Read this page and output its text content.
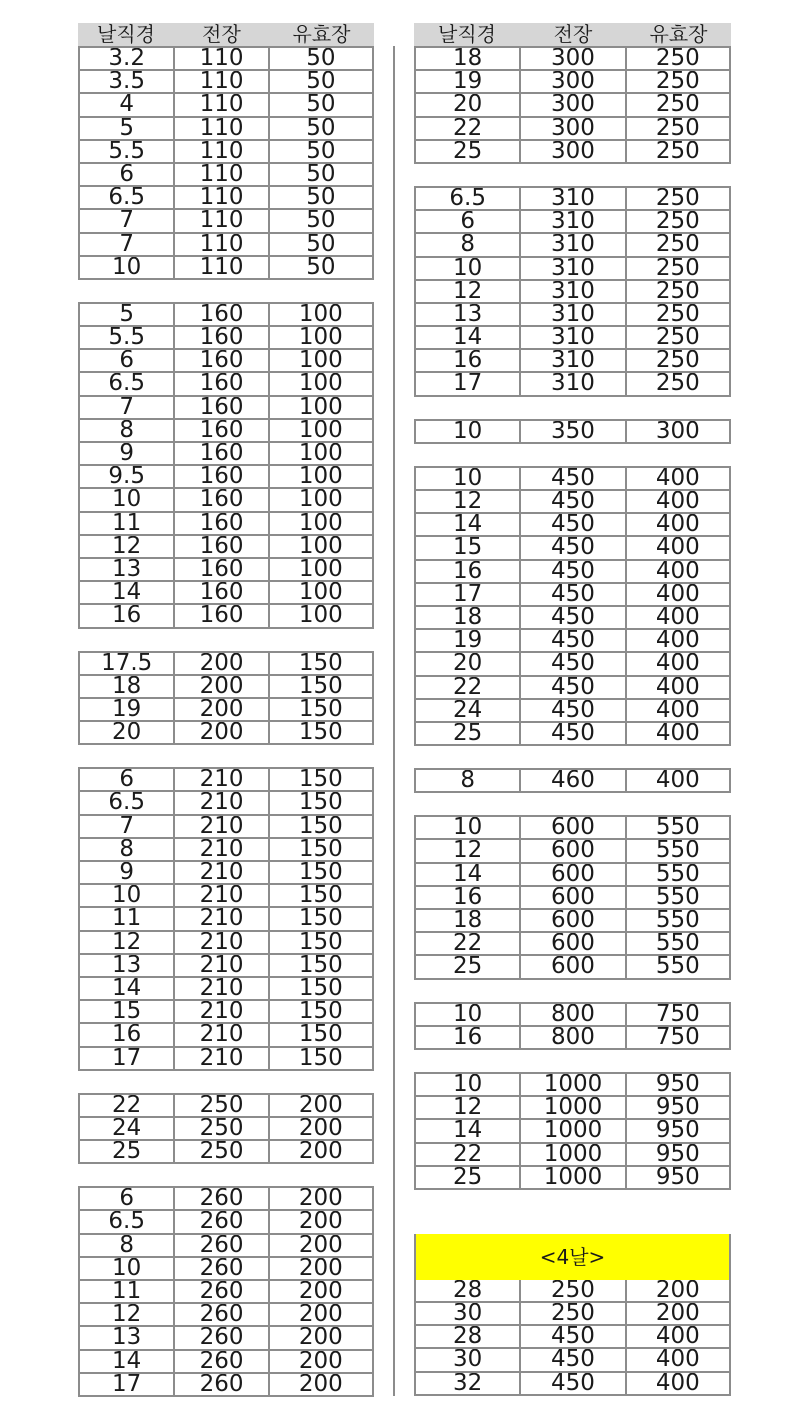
날직경	전장	유효장
3.2	110	50
3.5	110	50
4	110	50
5	110	50
5.5	110	50
6	110	50
6.5	110	50
7	110	50
7	110	50
10	110	50
5	160	100
5.5	160	100
6	160	100
6.5	160	100
7	160	100
8	160	100
9	160	100
9.5	160	100
10	160	100
11	160	100
12	160	100
13	160	100
14	160	100
16	160	100
17.5	200	150
18	200	150
19	200	150
20	200	150
6	210	150
6.5	210	150
7	210	150
8	210	150
9	210	150
10	210	150
11	210	150
12	210	150
13	210	150
14	210	150
15	210	150
16	210	150
17	210	150
22	250	200
24	250	200
25	250	200
6	260	200
6.5	260	200
8	260	200
10	260	200
11	260	200
12	260	200
13	260	200
14	260	200
17	260	200
날직경	전장	유효장
18	300	250
19	300	250
20	300	250
22	300	250
25	300	250
6.5	310	250
6	310	250
8	310	250
10	310	250
12	310	250
13	310	250
14	310	250
16	310	250
17	310	250
10	350	300
10	450	400
12	450	400
14	450	400
15	450	400
16	450	400
17	450	400
18	450	400
19	450	400
20	450	400
22	450	400
24	450	400
25	450	400
8	460	400
10	600	550
12	600	550
14	600	550
16	600	550
18	600	550
22	600	550
25	600	550
10	800	750
16	800	750
10	1000	950
12	1000	950
14	1000	950
22	1000	950
25	1000	950
<4날>
28	250	200
30	250	200
28	450	400
30	450	400
32	450	400
